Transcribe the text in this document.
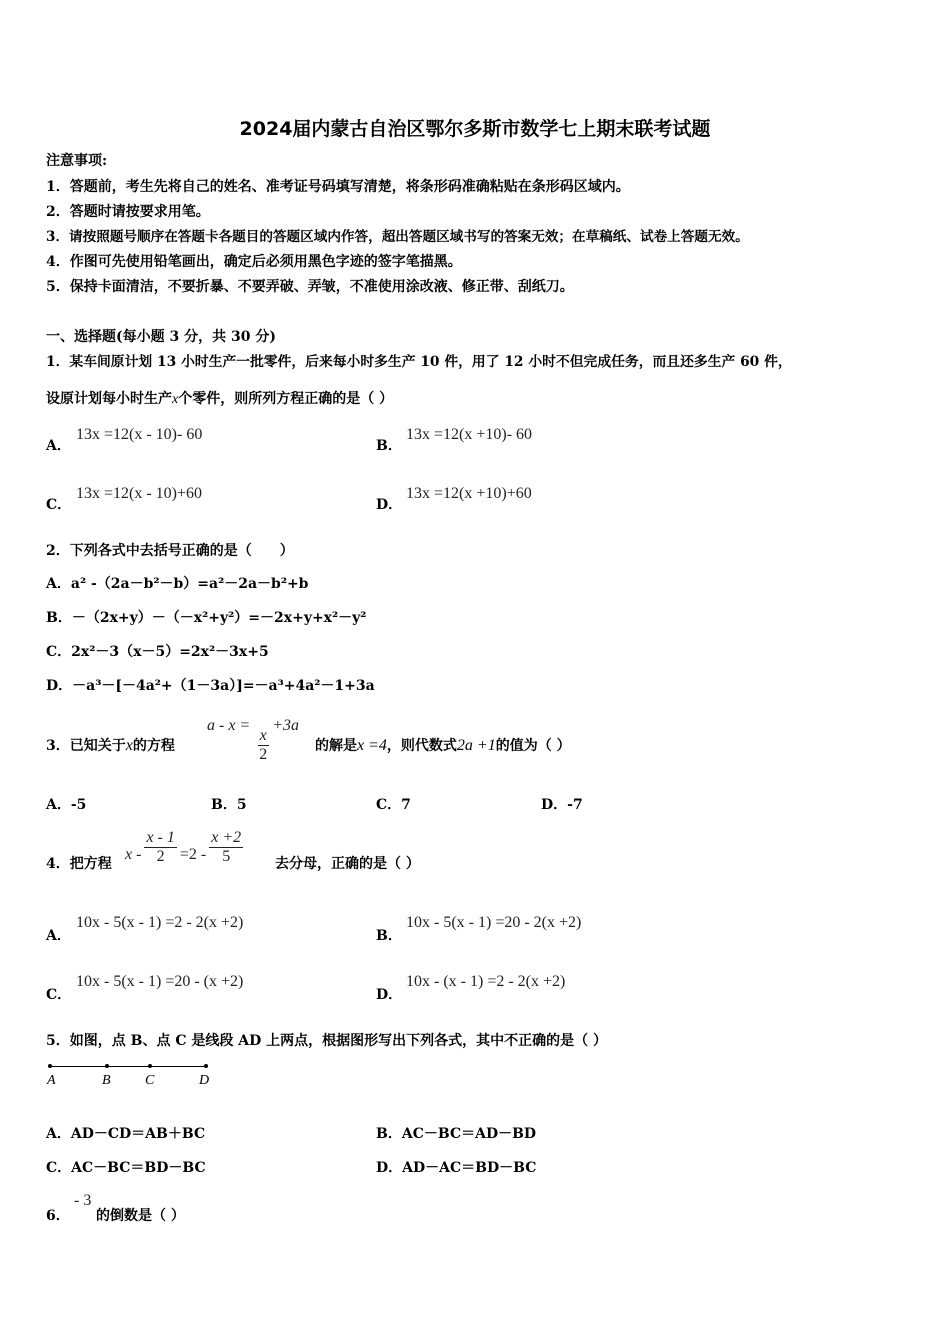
2024届内蒙古自治区鄂尔多斯市数学七上期末联考试题
注意事项:
1．答题前，考生先将自己的姓名、准考证号码填写清楚，将条形码准确粘贴在条形码区域内。
2．答题时请按要求用笔。
3．请按照题号顺序在答题卡各题目的答题区域内作答，超出答题区域书写的答案无效；在草稿纸、试卷上答题无效。
4．作图可先使用铅笔画出，确定后必须用黑色字迹的签字笔描黑。
5．保持卡面清洁，不要折暴、不要弄破、弄皱，不准使用涂改液、修正带、刮纸刀。
一、选择题(每小题 3 分，共 30 分)
1．某车间原计划 13 小时生产一批零件，后来每小时多生产 10 件，用了 12 小时不但完成任务，而且还多生产 60 件，
设原计划每小时生产x个零件，则所列方程正确的是（ ）
A．
13x =12(x - 10)- 60
B．
13x =12(x +10)- 60
C．
13x =12(x - 10)+60
D．
13x =12(x +10)+60
2．下列各式中去括号正确的是（　　）
A．a² -（2a－b²－b）=a²－2a－b²+b
B．－（2x+y）－（－x²+y²）=－2x+y+x²－y²
C．2x²－3（x－5）=2x²－3x+5
D．－a³－[－4a²+（1－3a）]=－a³+4a²－1+3a
3．已知关于x的方程
a - x =
$\frac{x}{2}$
+3a
的解是x =4，则代数式2a +1的值为（ ）
A．-5	B．5	C．7	D．-7
4．把方程
$x - \frac{x - 1}{2} =2 - \frac{x +2}{5}$ 去分母，正确的是（ ）
A．
10x - 5(x - 1) =2 - 2(x +2)
B．
10x - 5(x - 1) =20 - 2(x +2)
C．
10x - 5(x - 1) =20 - (x +2)
D．
10x - (x - 1) =2 - 2(x +2)
5．如图，点 B、点 C 是线段 AD 上两点，根据图形写出下列各式，其中不正确的是（ ）
A	B C	D
A．AD－CD＝AB＋BC	B．AC－BC＝AD－BD
C．AC－BC＝BD－BC	D．AD－AC＝BD－BC
6．
- 3
的倒数是（ ）
